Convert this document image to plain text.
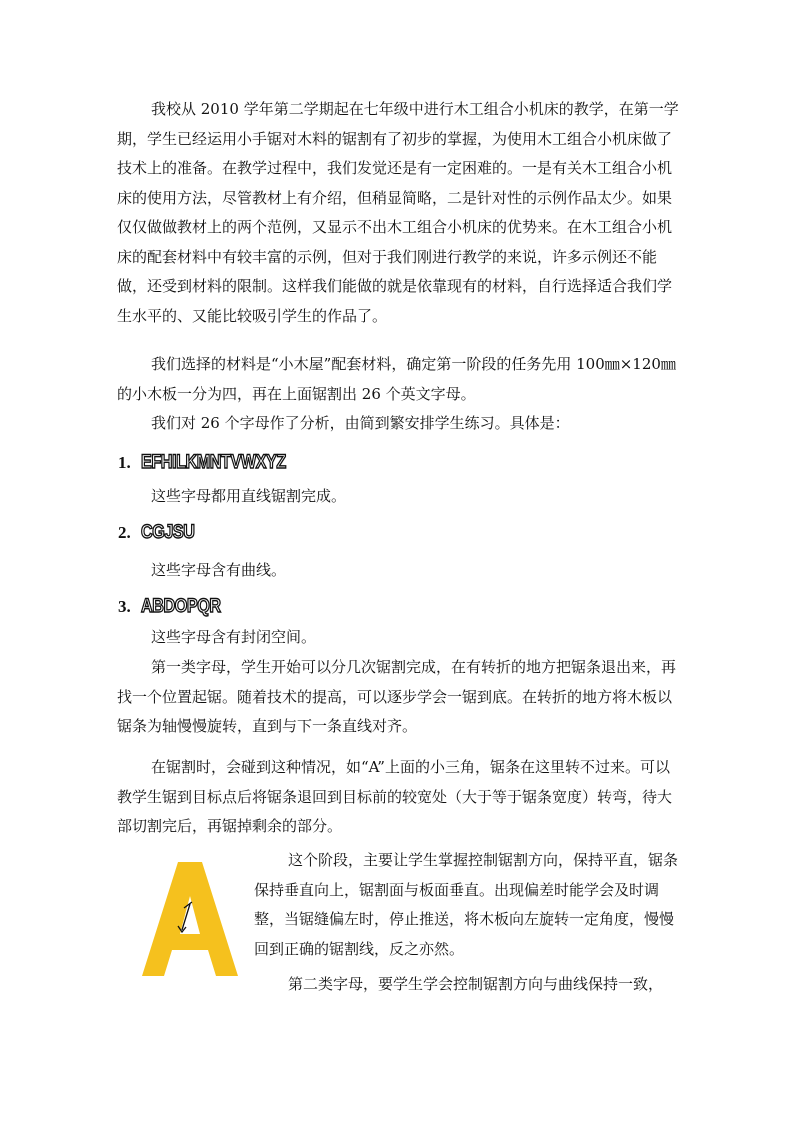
我校从 2010 学年第二学期起在七年级中进行木工组合小机床的教学，在第一学期，学生已经运用小手锯对木料的锯割有了初步的掌握，为使用木工组合小机床做了技术上的准备。在教学过程中，我们发觉还是有一定困难的。一是有关木工组合小机床的使用方法，尽管教材上有介绍，但稍显简略，二是针对性的示例作品太少。如果仅仅做做教材上的两个范例，又显示不出木工组合小机床的优势来。在木工组合小机床的配套材料中有较丰富的示例，但对于我们刚进行教学的来说，许多示例还不能做，还受到材料的限制。这样我们能做的就是依靠现有的材料，自行选择适合我们学生水平的、又能比较吸引学生的作品了。
我们选择的材料是“小木屋”配套材料，确定第一阶段的任务先用 100㎜×120㎜的小木板一分为四，再在上面锯割出 26 个英文字母。
我们对 26 个字母作了分析，由简到繁安排学生练习。具体是：
1. EFHILKMNTVWXYZ
这些字母都用直线锯割完成。
2. CGJSU
这些字母含有曲线。
3. ABDOPQR
这些字母含有封闭空间。
第一类字母，学生开始可以分几次锯割完成，在有转折的地方把锯条退出来，再找一个位置起锯。随着技术的提高，可以逐步学会一锯到底。在转折的地方将木板以锯条为轴慢慢旋转，直到与下一条直线对齐。
在锯割时，会碰到这种情况，如“A”上面的小三角，锯条在这里转不过来。可以教学生锯到目标点后将锯条退回到目标前的较宽处（大于等于锯条宽度）转弯，待大部切割完后，再锯掉剩余的部分。
这个阶段，主要让学生掌握控制锯割方向，保持平直，锯条保持垂直向上，锯割面与板面垂直。出现偏差时能学会及时调整，当锯缝偏左时，停止推送，将木板向左旋转一定角度，慢慢回到正确的锯割线，反之亦然。
第二类字母，要学生学会控制锯割方向与曲线保持一致，
